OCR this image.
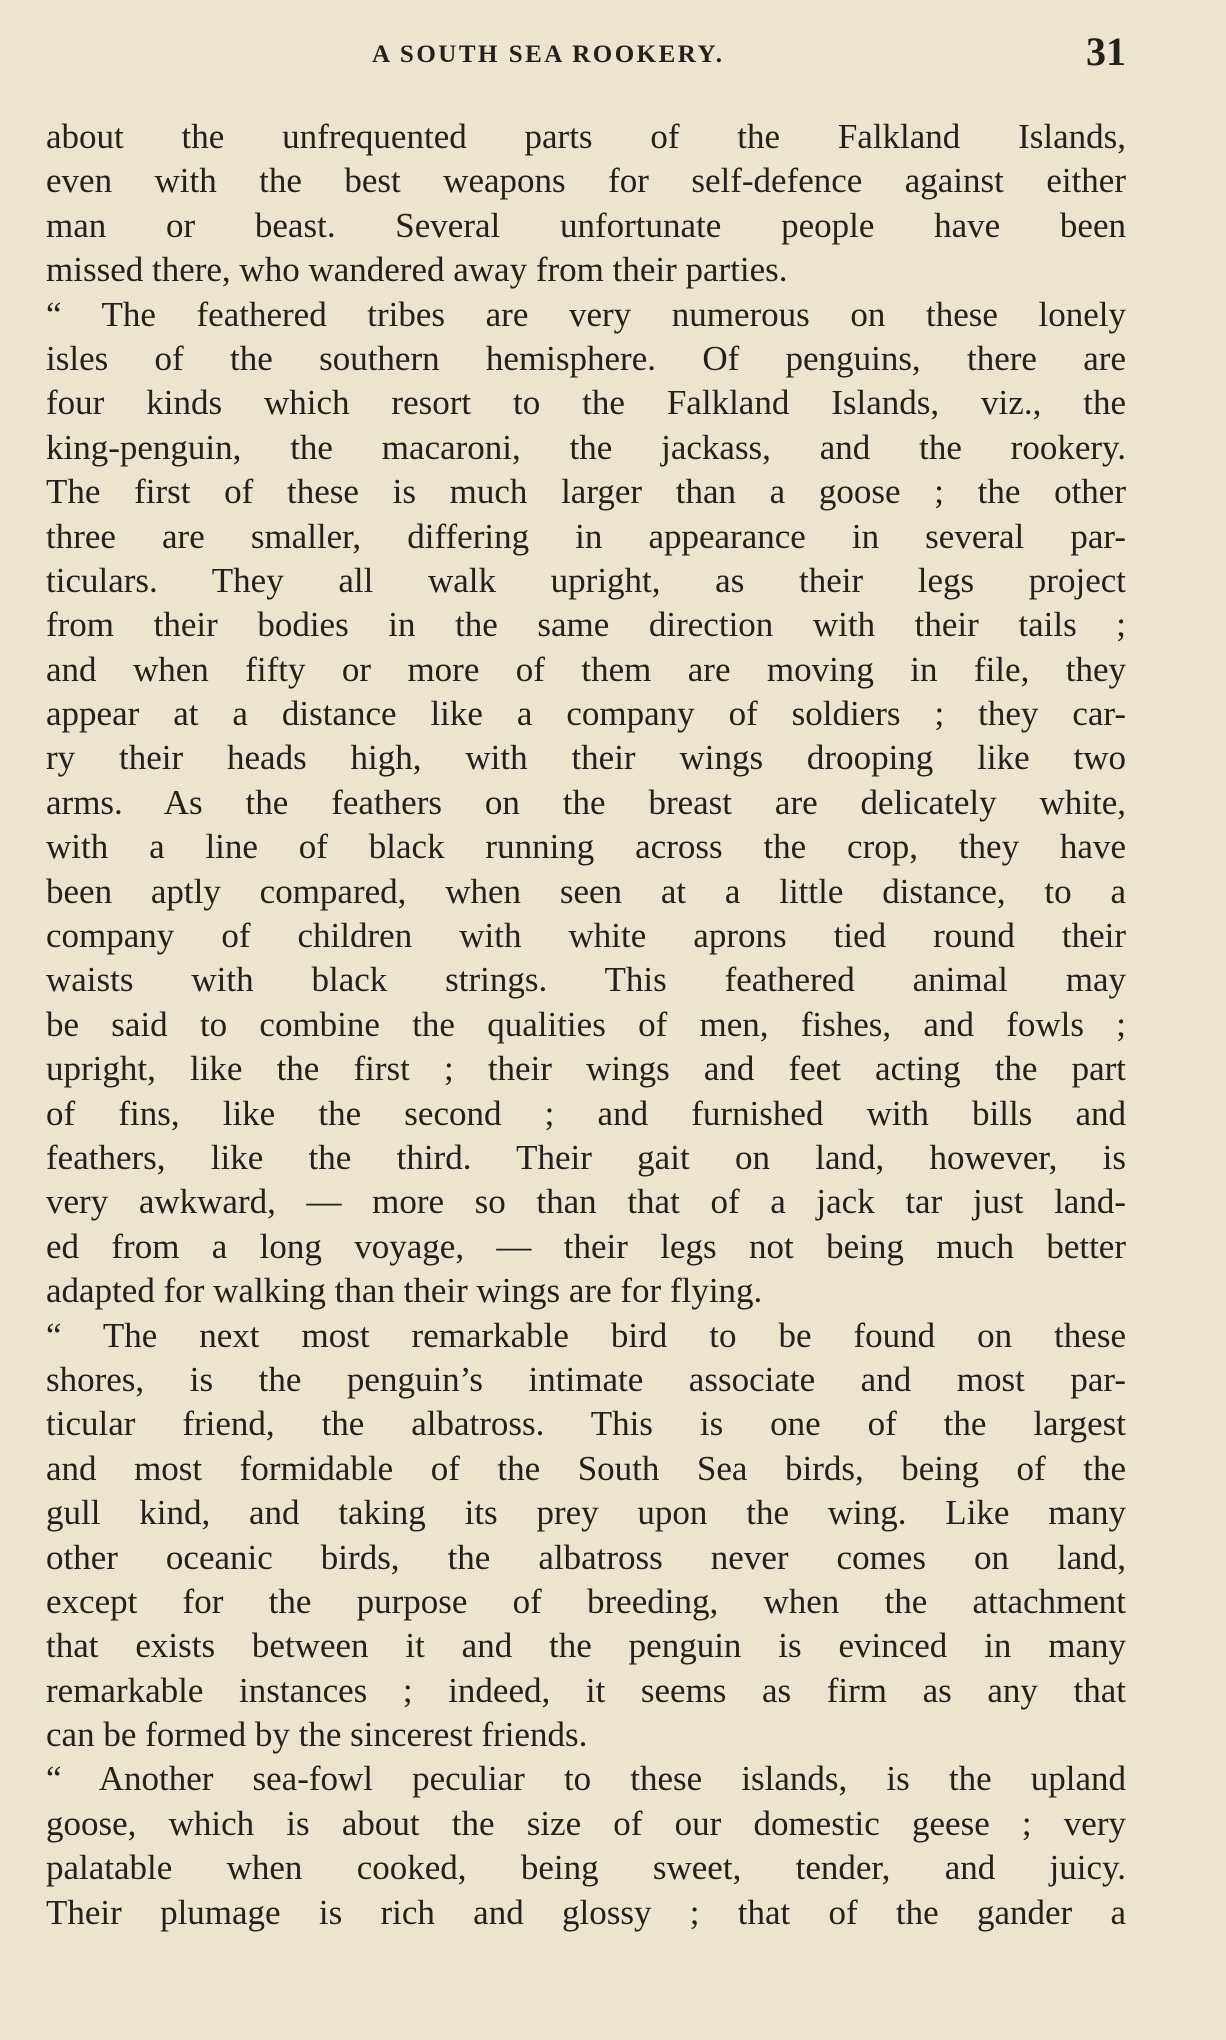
A SOUTH SEA ROOKERY.	31
about the unfrequented parts of the Falkland Islands,
even with the best weapons for self-defence against either
man or beast. Several unfortunate people have been
missed there, who wandered away from their parties.
“ The feathered tribes are very numerous on these lonely
isles of the southern hemisphere. Of penguins, there are
four kinds which resort to the Falkland Islands, viz., the
king-penguin, the macaroni, the jackass, and the rookery.
The first of these is much larger than a goose ; the other
three are smaller, differing in appearance in several par-
ticulars. They all walk upright, as their legs project
from their bodies in the same direction with their tails ;
and when fifty or more of them are moving in file, they
appear at a distance like a company of soldiers ; they car-
ry their heads high, with their wings drooping like two
arms. As the feathers on the breast are delicately white,
with a line of black running across the crop, they have
been aptly compared, when seen at a little distance, to a
company of children with white aprons tied round their
waists with black strings. This feathered animal may
be said to combine the qualities of men, fishes, and fowls ;
upright, like the first ; their wings and feet acting the part
of fins, like the second ; and furnished with bills and
feathers, like the third. Their gait on land, however, is
very awkward, — more so than that of a jack tar just land-
ed from a long voyage, — their legs not being much better
adapted for walking than their wings are for flying.
“ The next most remarkable bird to be found on these
shores, is the penguin’s intimate associate and most par-
ticular friend, the albatross. This is one of the largest
and most formidable of the South Sea birds, being of the
gull kind, and taking its prey upon the wing. Like many
other oceanic birds, the albatross never comes on land,
except for the purpose of breeding, when the attachment
that exists between it and the penguin is evinced in many
remarkable instances ; indeed, it seems as firm as any that
can be formed by the sincerest friends.
“ Another sea-fowl peculiar to these islands, is the upland
goose, which is about the size of our domestic geese ; very
palatable when cooked, being sweet, tender, and juicy.
Their plumage is rich and glossy ; that of the gander a
